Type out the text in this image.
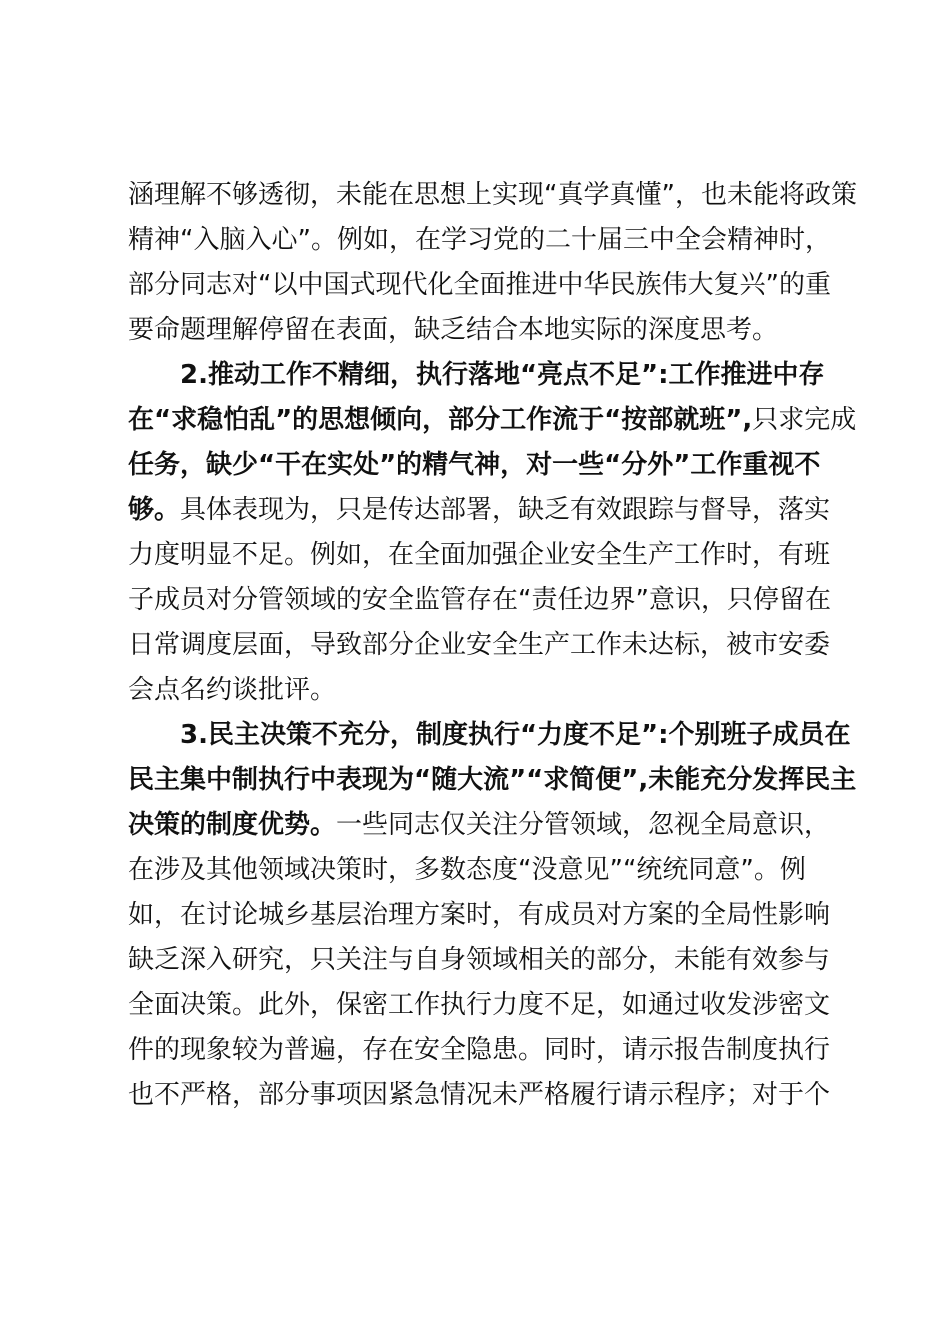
涵理解不够透彻，未能在思想上实现“真学真懂”，也未能将政策
精神“入脑入心”。例如，在学习党的二十届三中全会精神时，
部分同志对“以中国式现代化全面推进中华民族伟大复兴”的重
要命题理解停留在表面，缺乏结合本地实际的深度思考。
　　2.推动工作不精细，执行落地“亮点不足”:工作推进中存
在“求稳怕乱”的思想倾向，部分工作流于“按部就班”,只求完成
任务，缺少“干在实处”的精气神，对一些“分外”工作重视不
够。具体表现为，只是传达部署，缺乏有效跟踪与督导，落实
力度明显不足。例如，在全面加强企业安全生产工作时，有班
子成员对分管领域的安全监管存在“责任边界”意识，只停留在
日常调度层面，导致部分企业安全生产工作未达标，被市安委
会点名约谈批评。
　　3.民主决策不充分，制度执行“力度不足”:个别班子成员在
民主集中制执行中表现为“随大流”“求简便”,未能充分发挥民主
决策的制度优势。一些同志仅关注分管领域，忽视全局意识，
在涉及其他领域决策时，多数态度“没意见”“统统同意”。例
如，在讨论城乡基层治理方案时，有成员对方案的全局性影响
缺乏深入研究，只关注与自身领域相关的部分，未能有效参与
全面决策。此外，保密工作执行力度不足，如通过收发涉密文
件的现象较为普遍，存在安全隐患。同时，请示报告制度执行
也不严格，部分事项因紧急情况未严格履行请示程序；对于个
